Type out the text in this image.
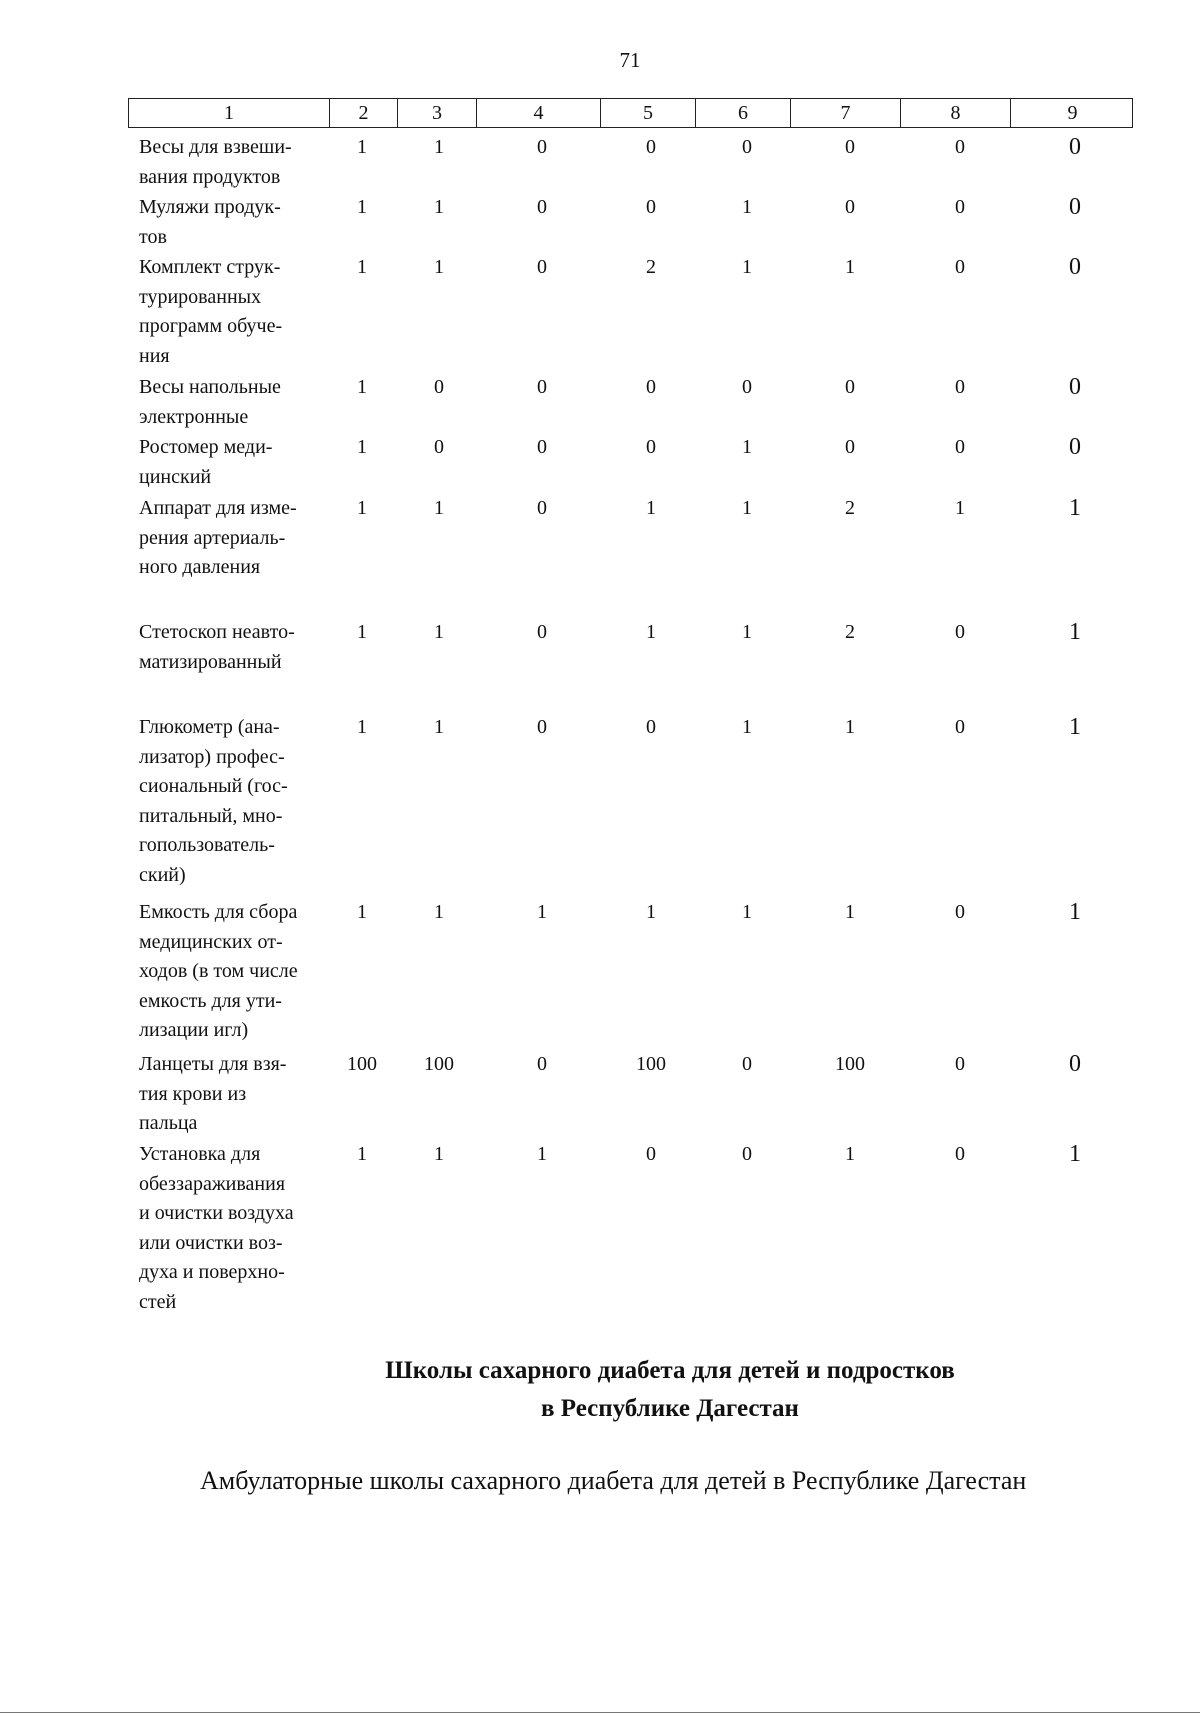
71
1	2	3	4	5	6	7	8	9
Весы для взвеши-
вания продуктов
1	1	0	0	0	0	0	0
Муляжи продук-
тов
1	1	0	0	1	0	0	0
Комплект струк-
турированных
программ обуче-
ния
1	1	0	2	1	1	0	0
Весы напольные
электронные
1	0	0	0	0	0	0	0
Ростомер меди-
цинский
1	0	0	0	1	0	0	0
Аппарат для изме-
рения артериаль-
ного давления
1	1	0	1	1	2	1	1
Стетоскоп неавто-
матизированный
1	1	0	1	1	2	0	1
Глюкометр (ана-
лизатор) профес-
сиональный (гос-
питальный, мно-
гопользователь-
ский)
1	1	0	0	1	1	0	1
Емкость для сбора
медицинских от-
ходов (в том числе
емкость для ути-
лизации игл)
1	1	1	1	1	1	0	1
Ланцеты для взя-
тия крови из
пальца
100	100	0	100	0	100	0	0
Установка для
обеззараживания
и очистки воздуха
или очистки воз-
духа и поверхно-
стей
1	1	1	0	0	1	0	1
Школы сахарного диабета для детей и подростков
в Республике Дагестан
Амбулаторные школы сахарного диабета для детей в Республике Дагестан
